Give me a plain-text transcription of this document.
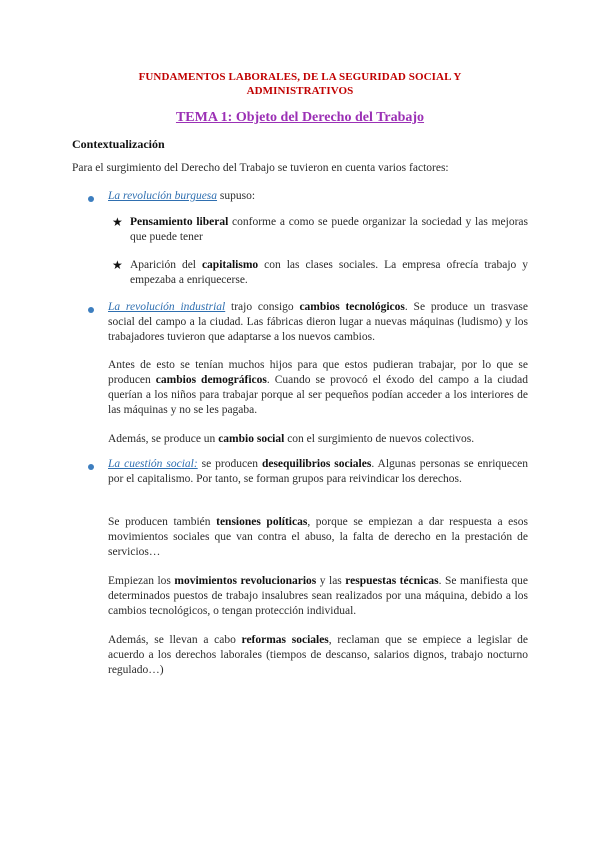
FUNDAMENTOS LABORALES, DE LA SEGURIDAD SOCIAL Y
ADMINISTRATIVOS
TEMA 1: Objeto del Derecho del Trabajo
Contextualización
Para el surgimiento del Derecho del Trabajo se tuvieron en cuenta varios factores:
La revolución burguesa supuso:
★ Pensamiento liberal conforme a como se puede organizar la sociedad y las mejoras que puede tener
★ Aparición del capitalismo con las clases sociales. La empresa ofrecía trabajo y empezaba a enriquecerse.
La revolución industrial trajo consigo cambios tecnológicos. Se produce un trasvase social del campo a la ciudad. Las fábricas dieron lugar a nuevas máquinas (ludismo) y los trabajadores tuvieron que adaptarse a los nuevos cambios.
Antes de esto se tenían muchos hijos para que estos pudieran trabajar, por lo que se producen cambios demográficos. Cuando se provocó el éxodo del campo a la ciudad querían a los niños para trabajar porque al ser pequeños podían acceder a los interiores de las máquinas y no se les pagaba.
Además, se produce un cambio social con el surgimiento de nuevos colectivos.
La cuestión social: se producen desequilibrios sociales. Algunas personas se enriquecen por el capitalismo. Por tanto, se forman grupos para reivindicar los derechos.
Se producen también tensiones políticas, porque se empiezan a dar respuesta a esos movimientos sociales que van contra el abuso, la falta de derecho en la prestación de servicios…
Empiezan los movimientos revolucionarios y las respuestas técnicas. Se manifiesta que determinados puestos de trabajo insalubres sean realizados por una máquina, debido a los cambios tecnológicos, o tengan protección individual.
Además, se llevan a cabo reformas sociales, reclaman que se empiece a legislar de acuerdo a los derechos laborales (tiempos de descanso, salarios dignos, trabajo nocturno regulado…)
